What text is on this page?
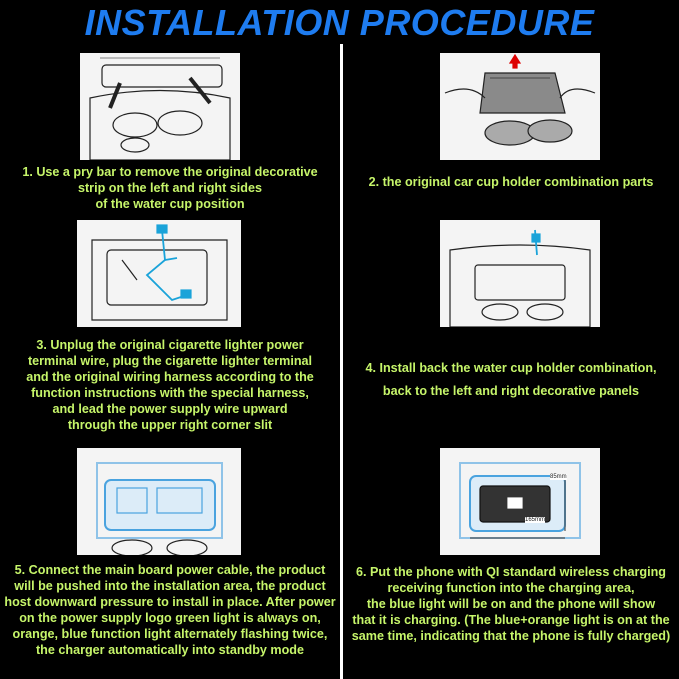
INSTALLATION PROCEDURE
1. Use a pry bar to remove the original decorative
strip on the left and right sides
of the water cup position
2. the original car cup holder combination parts
3. Unplug the original cigarette lighter power
terminal wire, plug the cigarette lighter terminal
and the original wiring harness according to the
function instructions with the special harness,
and lead the power supply wire upward
through the upper right corner slit
4. Install back the water cup holder combination,
back to the left and right decorative panels
5. Connect the main board power cable, the product
will be pushed into the installation area, the product
host downward pressure to install in place. After power
on the power supply logo green light is always on,
orange, blue function light alternately flashing twice,
the charger automatically into standby mode
85mm
165mm
6. Put the phone with QI standard wireless charging
receiving function into the charging area,
the blue light will be on and the phone will show
that it is charging. (The blue+orange light is on at the
same time, indicating that the phone is fully charged)
